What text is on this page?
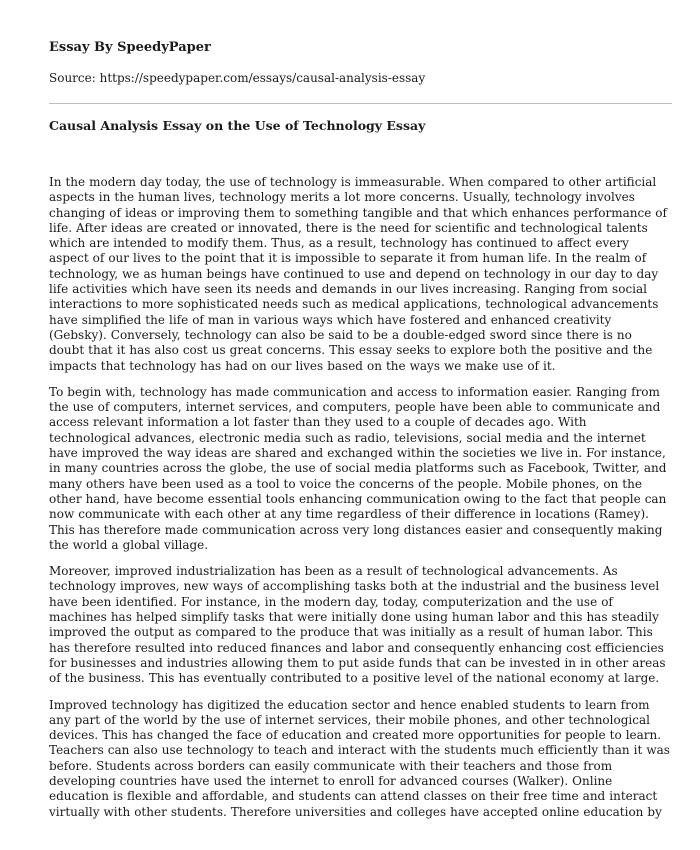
Essay By SpeedyPaper
Source: https://speedypaper.com/essays/causal-analysis-essay
Causal Analysis Essay on the Use of Technology Essay

In the modern day today, the use of technology is immeasurable. When compared to other artificial aspects in the human lives, technology merits a lot more concerns. Usually, technology involves changing of ideas or improving them to something tangible and that which enhances performance of life. After ideas are created or innovated, there is the need for scientific and technological talents which are intended to modify them. Thus, as a result, technology has continued to affect every aspect of our lives to the point that it is impossible to separate it from human life. In the realm of technology, we as human beings have continued to use and depend on technology in our day to day life activities which have seen its needs and demands in our lives increasing. Ranging from social interactions to more sophisticated needs such as medical applications, technological advancements have simplified the life of man in various ways which have fostered and enhanced creativity (Gebsky). Conversely, technology can also be said to be a double-edged sword since there is no doubt that it has also cost us great concerns. This essay seeks to explore both the positive and the impacts that technology has had on our lives based on the ways we make use of it.

To begin with, technology has made communication and access to information easier. Ranging from the use of computers, internet services, and computers, people have been able to communicate and access relevant information a lot faster than they used to a couple of decades ago. With technological advances, electronic media such as radio, televisions, social media and the internet have improved the way ideas are shared and exchanged within the societies we live in. For instance, in many countries across the globe, the use of social media platforms such as Facebook, Twitter, and many others have been used as a tool to voice the concerns of the people. Mobile phones, on the other hand, have become essential tools enhancing communication owing to the fact that people can now communicate with each other at any time regardless of their difference in locations (Ramey). This has therefore made communication across very long distances easier and consequently making the world a global village.

Moreover, improved industrialization has been as a result of technological advancements. As technology improves, new ways of accomplishing tasks both at the industrial and the business level have been identified. For instance, in the modern day, today, computerization and the use of machines has helped simplify tasks that were initially done using human labor and this has steadily improved the output as compared to the produce that was initially as a result of human labor. This has therefore resulted into reduced finances and labor and consequently enhancing cost efficiencies for businesses and industries allowing them to put aside funds that can be invested in in other areas of the business. This has eventually contributed to a positive level of the national economy at large.

Improved technology has digitized the education sector and hence enabled students to learn from any part of the world by the use of internet services, their mobile phones, and other technological devices. This has changed the face of education and created more opportunities for people to learn. Teachers can also use technology to teach and interact with the students much efficiently than it was before. Students across borders can easily communicate with their teachers and those from developing countries have used the internet to enroll for advanced courses (Walker). Online education is flexible and affordable, and students can attend classes on their free time and interact virtually with other students. Therefore universities and colleges have accepted online education by
